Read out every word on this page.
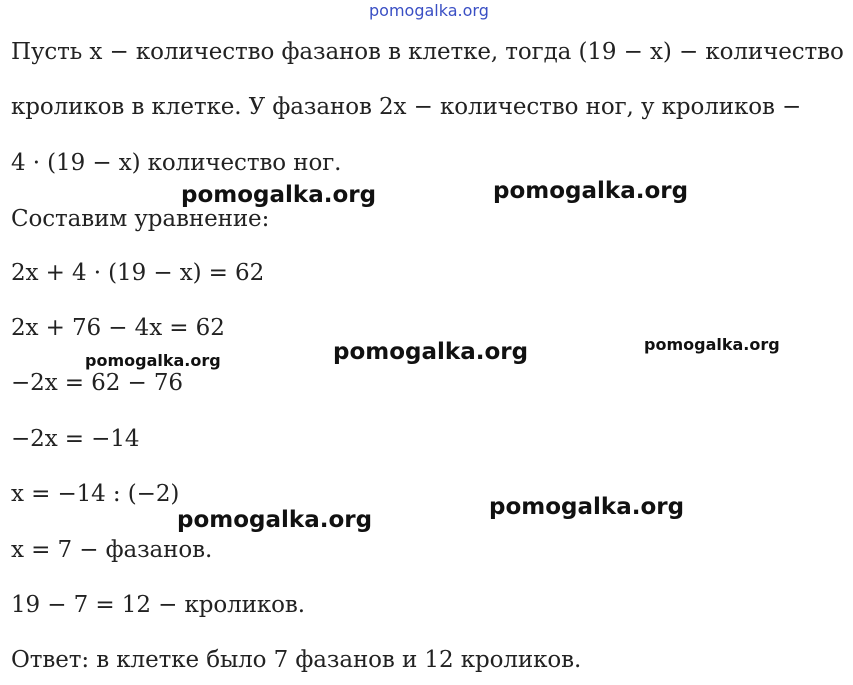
pomogalka.org
Пусть x − количество фазанов в клетке, тогда (19 − x) − количество
кроликов в клетке. У фазанов 2x − количество ног, у кроликов −
4 · (19 − x) количество ног.
Составим уравнение:
2x + 4 · (19 − x) = 62
2x + 76 − 4x = 62
−2x = 62 − 76
−2x = −14
x = −14 : (−2)
x = 7 − фазанов.
19 − 7 = 12 − кроликов.
Ответ: в клетке было 7 фазанов и 12 кроликов.
pomogalka.org	pomogalka.org
pomogalka.org
pomogalka.org
pomogalka.org
pomogalka.org	pomogalka.org
